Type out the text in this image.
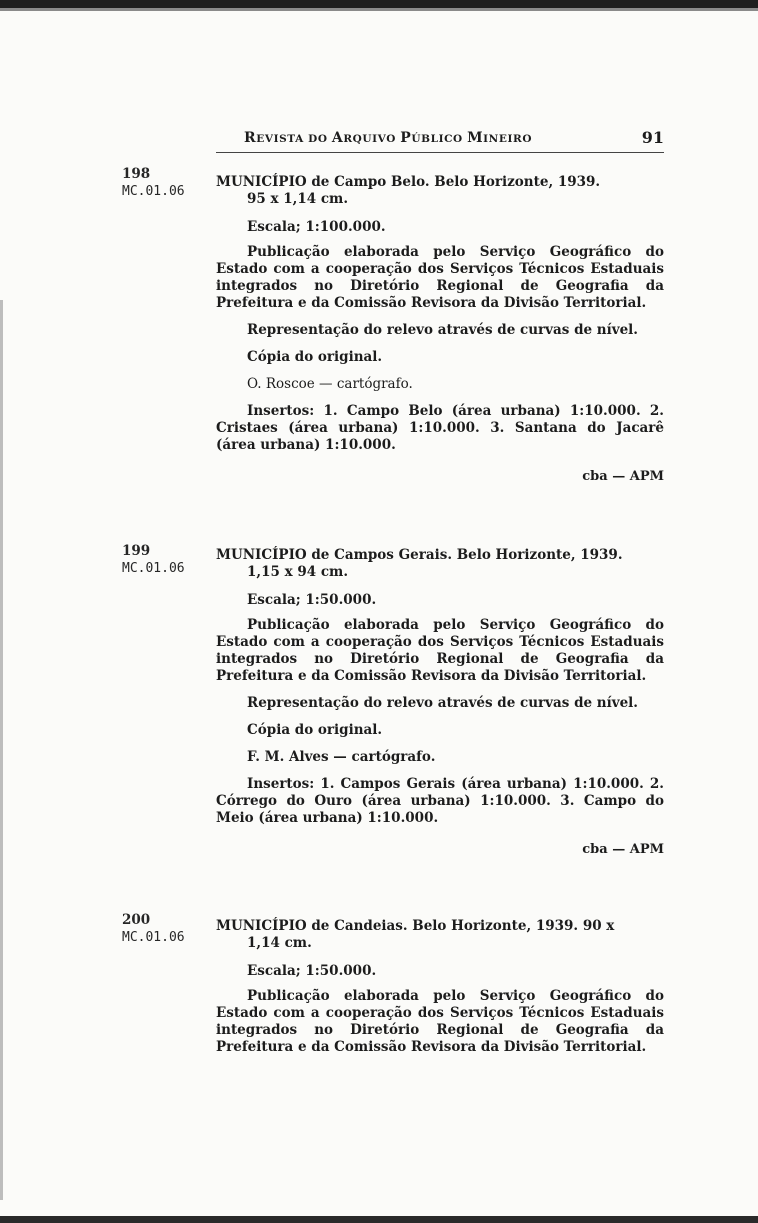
REVISTA DO ARQUIVO PÚBLICO MINEIRO	91
198
MC.01.06
MUNICÍPIO de Campo Belo. Belo Horizonte, 1939.
95 x 1,14 cm.
Escala; 1:100.000.
Publicação elaborada pelo Serviço Geográfico do Estado com a cooperação dos Serviços Técnicos Estaduais integrados no Diretório Regional de Geografia da Prefeitura e da Comissão Revisora da Divisão Territorial.
Representação do relevo através de curvas de nível.
Cópia do original.
O. Roscoe — cartógrafo.
Insertos: 1. Campo Belo (área urbana) 1:10.000. 2. Cristaes (área urbana) 1:10.000. 3. Santana do Jacarê (área urbana) 1:10.000.
cba — APM
199
MC.01.06
MUNICÍPIO de Campos Gerais. Belo Horizonte, 1939.
1,15 x 94 cm.
Escala; 1:50.000.
Publicação elaborada pelo Serviço Geográfico do Estado com a cooperação dos Serviços Técnicos Estaduais integrados no Diretório Regional de Geografia da Prefeitura e da Comissão Revisora da Divisão Territorial.
Representação do relevo através de curvas de nível.
Cópia do original.
F. M. Alves — cartógrafo.
Insertos: 1. Campos Gerais (área urbana) 1:10.000. 2. Córrego do Ouro (área urbana) 1:10.000. 3. Campo do Meio (área urbana) 1:10.000.
cba — APM
200
MC.01.06
MUNICÍPIO de Candeias. Belo Horizonte, 1939. 90 x
1,14 cm.
Escala; 1:50.000.
Publicação elaborada pelo Serviço Geográfico do Estado com a cooperação dos Serviços Técnicos Estaduais integrados no Diretório Regional de Geografia da Prefeitura e da Comissão Revisora da Divisão Territorial.
